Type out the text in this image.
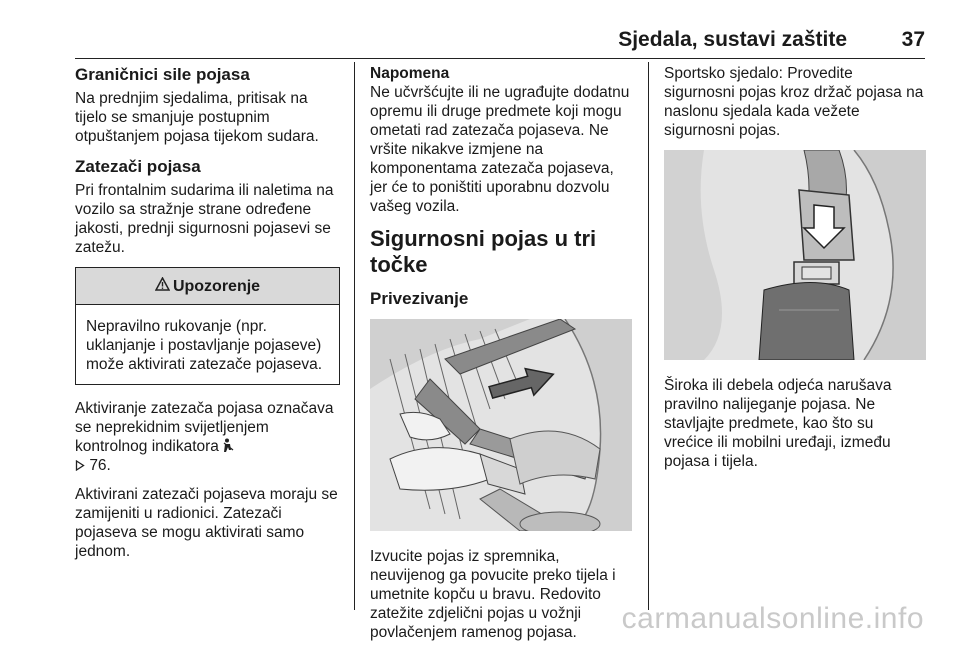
Sjedala, sustavi zaštite	37
Graničnici sile pojasa

Na prednjim sjedalima, pritisak na tijelo se smanjuje postupnim otpuštanjem pojasa tijekom sudara.

Zatezači pojasa

Pri frontalnim sudarima ili naletima na vozilo sa stražnje strane određene jakosti, prednji sigurnosni pojasevi se zatežu.

Upozorenje
Nepravilno rukovanje (npr. uklanjanje i postavljanje pojaseve) može aktivirati zatezače pojaseva.

Aktiviranje zatezača pojasa označava se neprekidnim svijetljenjem kontrolnog indikatora
76.

Aktivirani zatezači pojaseva moraju se zamijeniti u radionici. Zatezači pojaseva se mogu aktivirati samo jednom.

Napomena

Ne učvršćujte ili ne ugrađujte dodatnu opremu ili druge predmete koji mogu ometati rad zatezača pojaseva. Ne vršite nikakve izmjene na komponentama zatezača pojaseva, jer će to poništiti uporabnu dozvolu vašeg vozila.

Sigurnosni pojas u tri točke
Privezivanje

Izvucite pojas iz spremnika, neuvijenog ga povucite preko tijela i umetnite kopču u bravu. Redovito zatežite zdjelični pojas u vožnji povlačenjem ramenog pojasa.

Sportsko sjedalo: Provedite sigurnosni pojas kroz držač pojasa na naslonu sjedala kada vežete sigurnosni pojas.

Široka ili debela odjeća narušava pravilno nalijeganje pojasa. Ne stavljajte predmete, kao što su vrećice ili mobilni uređaji, između pojasa i tijela.

carmanualsonline.info
